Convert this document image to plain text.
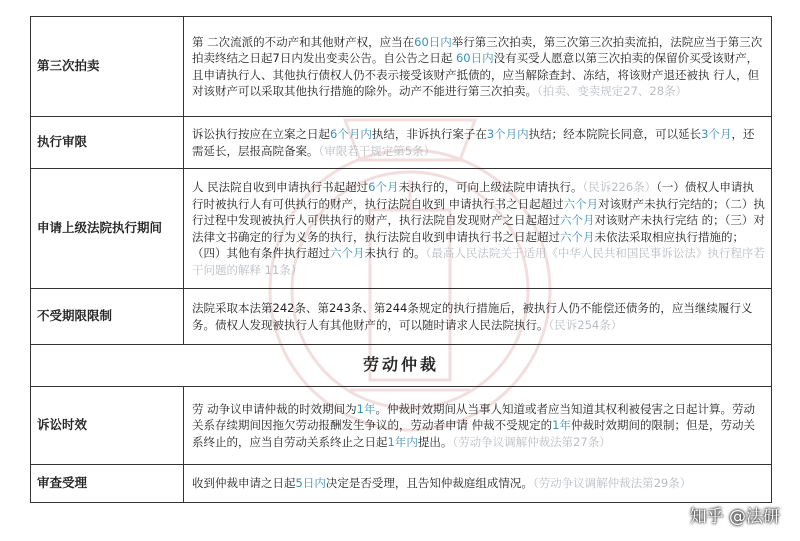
第三次拍卖	第 二次流派的不动产和其他财产权，应当在60日内举行第三次拍卖，第三次第三次拍卖流拍，法院应当于第三次拍卖终结之日起7日内发出变卖公告。自公告之日起 60日内没有买受人愿意以第三次拍卖的保留价买受该财产，且申请执行人、其他执行债权人仍不表示接受该财产抵债的，应当解除查封、冻结，将该财产退还被执 行人，但对该财产可以采取其他执行措施的除外。动产不能进行第三次拍卖。（拍卖、变卖规定27、28条）
执行审限	诉讼执行按应在立案之日起6个月内执结，非诉执行案子在3个月内执结；经本院院长同意，可以延长3个月，还需延长，层报高院备案。（审限若干规定第5条）
申请上级法院执行期间	人 民法院自收到申请执行书起超过6个月未执行的，可向上级法院申请执行。（民诉226条）（一）债权人申请执行时被执行人有可供执行的财产，执行法院自收到 申请执行书之日起超过六个月对该财产未执行完结的；（二）执行过程中发现被执行人可供执行的财产，执行法院自发现财产之日起超过六个月对该财产未执行完结 的；（三）对法律文书确定的行为义务的执行，执行法院自收到申请执行书之日起超过六个月未依法采取相应执行措施的；（四）其他有条件执行超过六个月未执行 的。（最高人民法院关于适用《中华人民共和国民事诉讼法》执行程序若干问题的解释 11条）
不受期限限制	法院采取本法第242条、第243条、第244条规定的执行措施后，被执行人仍不能偿还债务的，应当继续履行义务。债权人发现被执行人有其他财产的，可以随时请求人民法院执行。（民诉254条）
劳动仲裁	
诉讼时效	劳 动争议申请仲裁的时效期间为1年。仲裁时效期间从当事人知道或者应当知道其权利被侵害之日起计算。劳动关系存续期间因拖欠劳动报酬发生争议的，劳动者申请 仲裁不受规定的1年仲裁时效期间的限制；但是，劳动关系终止的，应当自劳动关系终止之日起1年内提出。（劳动争议调解仲裁法第27条）
审查受理	收到仲裁申请之日起5日内决定是否受理，且告知仲裁庭组成情况。（劳动争议调解仲裁法第29条）
知乎 @法研
